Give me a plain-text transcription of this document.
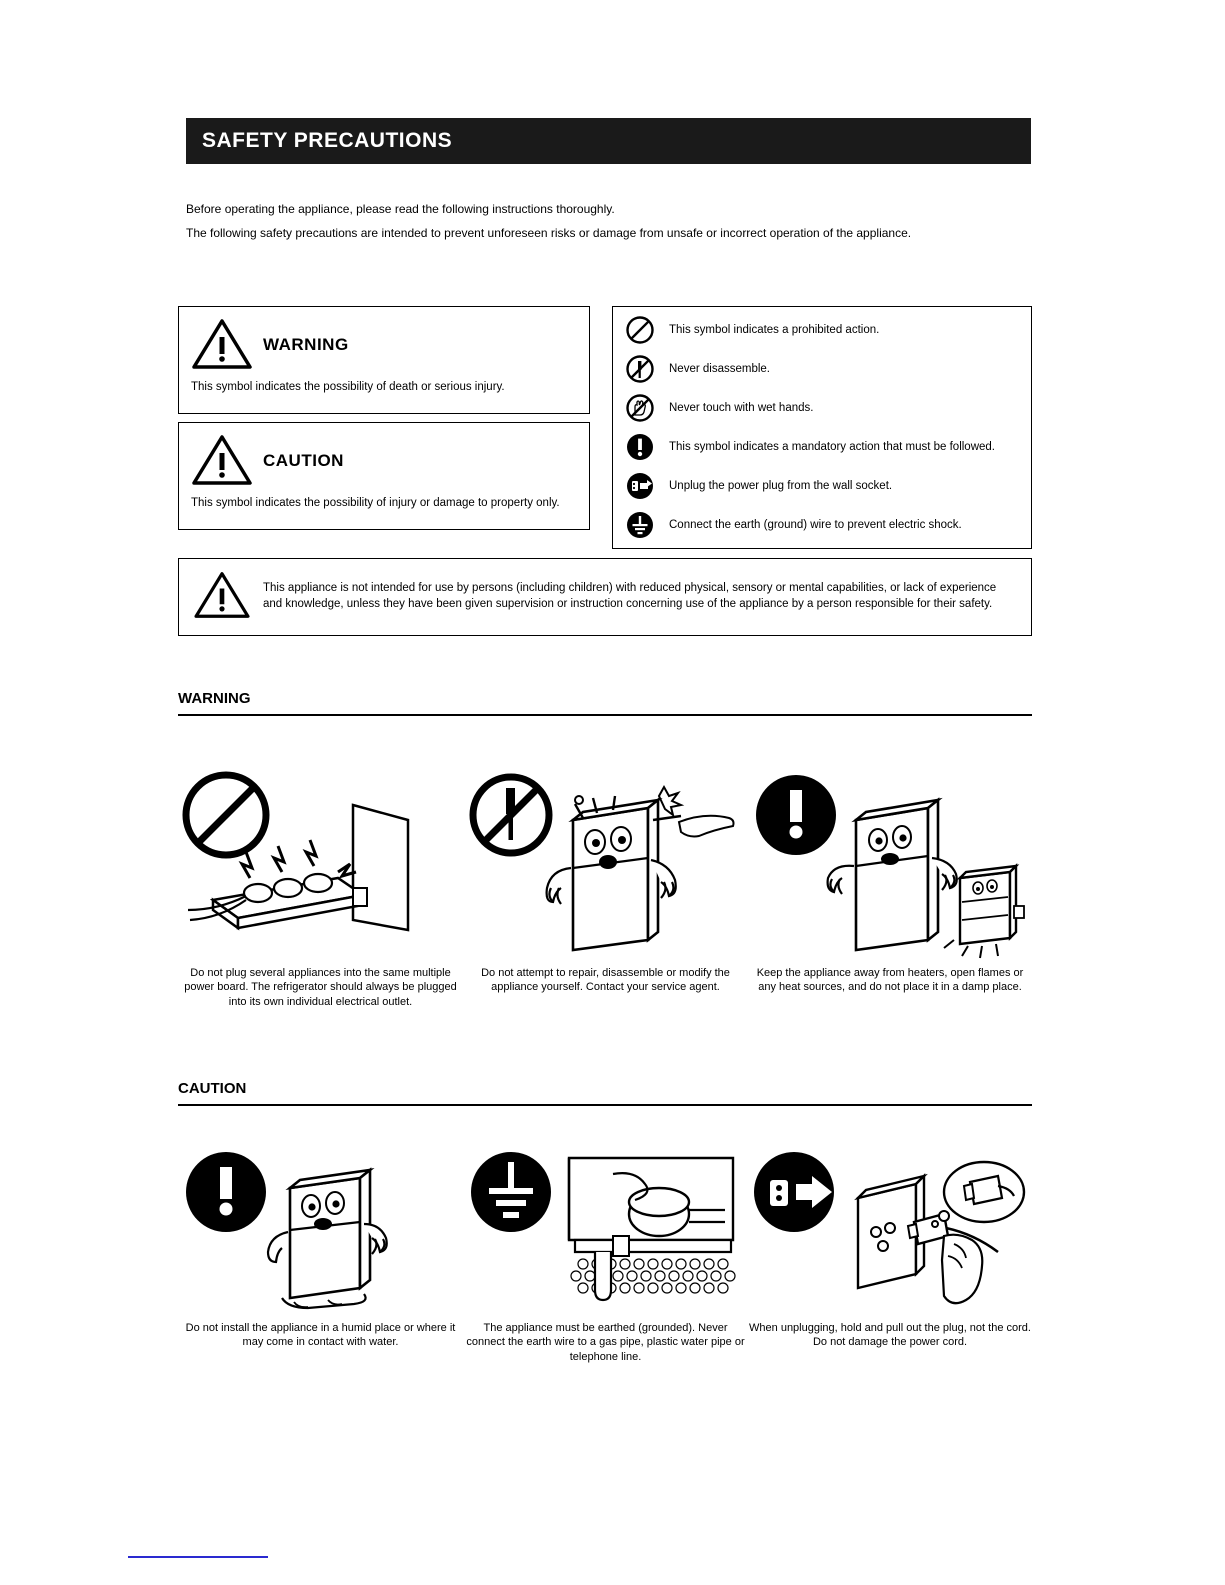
SAFETY PRECAUTIONS
Before operating the appliance, please read the following instructions thoroughly.
The following safety precautions are intended to prevent unforeseen risks or damage from unsafe or incorrect operation of the appliance.
WARNING
This symbol indicates the possibility of death or serious injury.
CAUTION
This symbol indicates the possibility of injury or damage to property only.
This symbol indicates a prohibited action.
Never disassemble.
Never touch with wet hands.
This symbol indicates a mandatory action that must be followed.
Unplug the power plug from the wall socket.
Connect the earth (ground) wire to prevent electric shock.
This appliance is not intended for use by persons (including children) with reduced physical, sensory or mental capabilities, or lack of experience and knowledge, unless they have been given supervision or instruction concerning use of the appliance by a person responsible for their safety.
WARNING
Do not plug several appliances into the same multiple power board. The refrigerator should always be plugged into its own individual electrical outlet.
Do not attempt to repair, disassemble or modify the appliance yourself. Contact your service agent.
Keep the appliance away from heaters, open flames or any heat sources, and do not place it in a damp place.
CAUTION
Do not install the appliance in a humid place or where it may come in contact with water.
The appliance must be earthed (grounded). Never connect the earth wire to a gas pipe, plastic water pipe or telephone line.
When unplugging, hold and pull out the plug, not the cord. Do not damage the power cord.
